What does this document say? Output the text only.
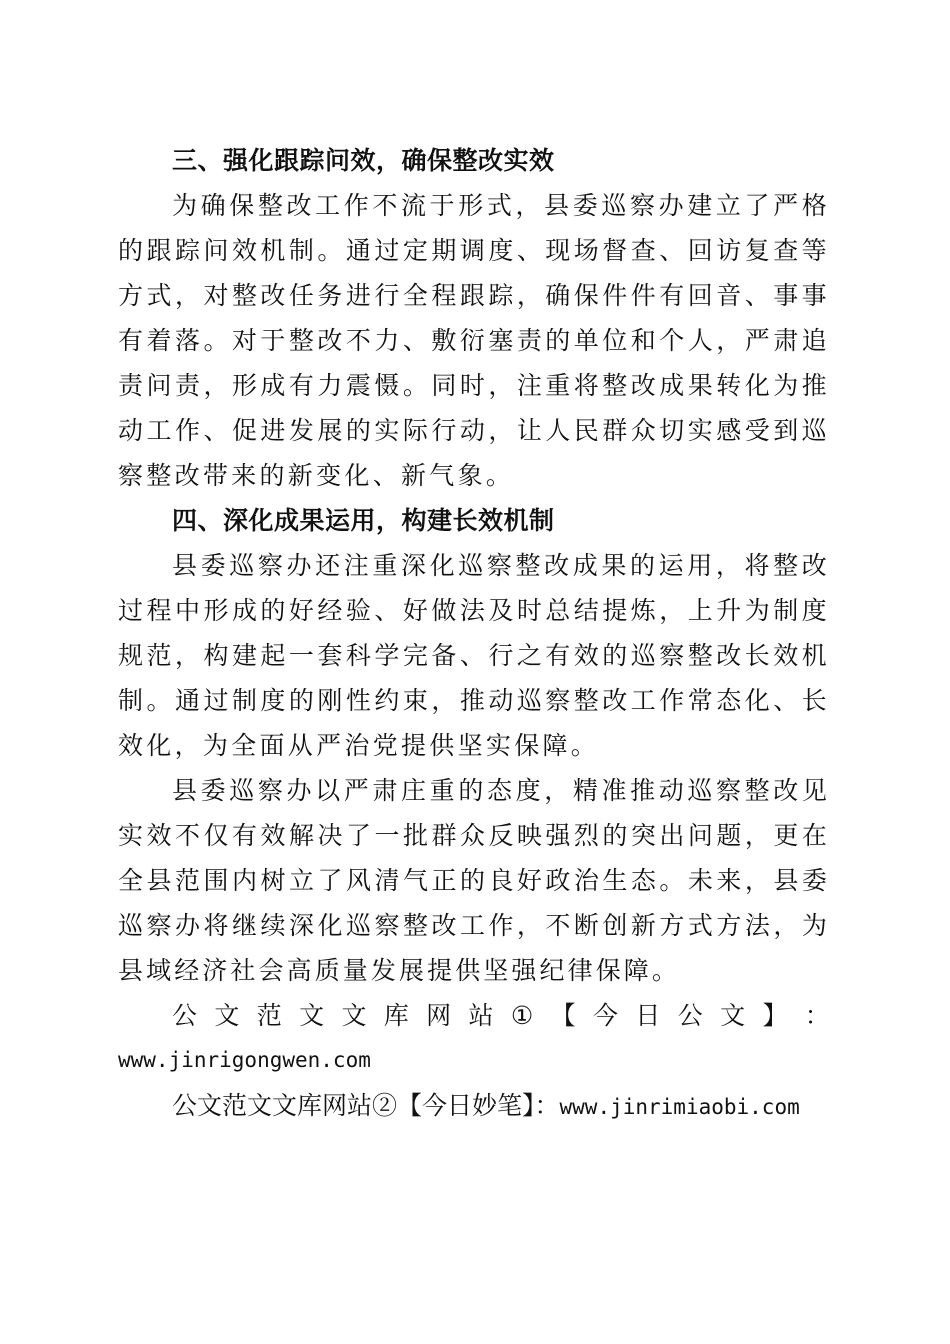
三、强化跟踪问效，确保整改实效

为确保整改工作不流于形式，县委巡察办建立了严格的跟踪问效机制。通过定期调度、现场督查、回访复查等方式，对整改任务进行全程跟踪，确保件件有回音、事事有着落。对于整改不力、敷衍塞责的单位和个人，严肃追责问责，形成有力震慑。同时，注重将整改成果转化为推动工作、促进发展的实际行动，让人民群众切实感受到巡察整改带来的新变化、新气象。

四、深化成果运用，构建长效机制

县委巡察办还注重深化巡察整改成果的运用，将整改过程中形成的好经验、好做法及时总结提炼，上升为制度规范，构建起一套科学完备、行之有效的巡察整改长效机制。通过制度的刚性约束，推动巡察整改工作常态化、长效化，为全面从严治党提供坚实保障。

县委巡察办以严肃庄重的态度，精准推动巡察整改见实效不仅有效解决了一批群众反映强烈的突出问题，更在全县范围内树立了风清气正的良好政治生态。未来，县委巡察办将继续深化巡察整改工作，不断创新方式方法，为县域经济社会高质量发展提供坚强纪律保障。

公 文 范 文 文 库 网 站 ① 【 今 日 公 文 】 ：
www.jinrigongwen.com

公文范文文库网站②【今日妙笔】：www.jinrimiaobi.com
